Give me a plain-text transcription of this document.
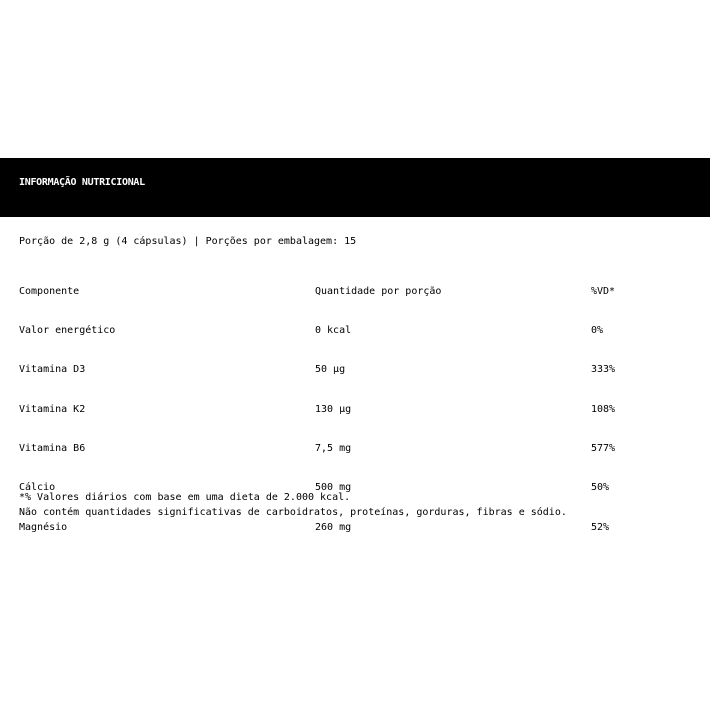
INFORMAÇÃO NUTRICIONAL
Porção de 2,8 g (4 cápsulas) | Porções por embalagem: 15
Componente	Quantidade por porção	%VD*
Valor energético	0 kcal	0%
Vitamina D3	50 µg	333%
Vitamina K2	130 µg	108%
Vitamina B6	7,5 mg	577%
Cálcio	500 mg	50%
*% Valores diários com base em uma dieta de 2.000 kcal.
Não contém quantidades significativas de carboidratos, proteínas, gorduras, fibras e sódio.
Magnésio	260 mg	52%
